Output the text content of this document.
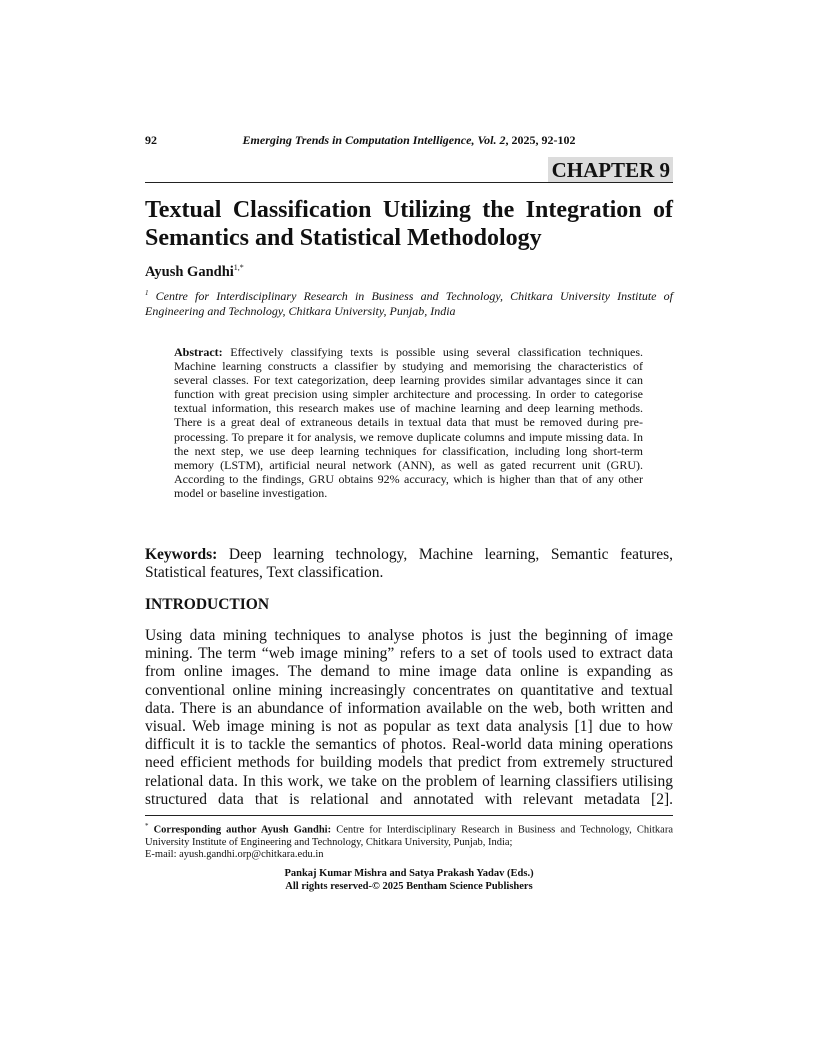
92	Emerging Trends in Computation Intelligence, Vol. 2, 2025, 92-102
CHAPTER 9
Textual Classification Utilizing the Integration of Semantics and Statistical Methodology
Ayush Gandhi$^{1,*}$
$^1$ Centre for Interdisciplinary Research in Business and Technology, Chitkara University Institute of Engineering and Technology, Chitkara University, Punjab, India
Abstract: Effectively classifying texts is possible using several classification techniques. Machine learning constructs a classifier by studying and memorising the characteristics of several classes. For text categorization, deep learning provides similar advantages since it can function with great precision using simpler architecture and processing. In order to categorise textual information, this research makes use of machine learning and deep learning methods. There is a great deal of extraneous details in textual data that must be removed during pre-processing. To prepare it for analysis, we remove duplicate columns and impute missing data. In the next step, we use deep learning techniques for classification, including long short-term memory (LSTM), artificial neural network (ANN), as well as gated recurrent unit (GRU). According to the findings, GRU obtains 92% accuracy, which is higher than that of any other model or baseline investigation.
Keywords: Deep learning technology, Machine learning, Semantic features, Statistical features, Text classification.
INTRODUCTION
Using data mining techniques to analyse photos is just the beginning of image mining. The term “web image mining” refers to a set of tools used to extract data from online images. The demand to mine image data online is expanding as conventional online mining increasingly concentrates on quantitative and textual data. There is an abundance of information available on the web, both written and visual. Web image mining is not as popular as text data analysis [1] due to how difficult it is to tackle the semantics of photos. Real-world data mining operations need efficient methods for building models that predict from extremely structured relational data. In this work, we take on the problem of learning classifiers utilising structured data that is relational and annotated with relevant metadata [2].
* Corresponding author Ayush Gandhi: Centre for Interdisciplinary Research in Business and Technology, Chitkara University Institute of Engineering and Technology, Chitkara University, Punjab, India;
E-mail: ayush.gandhi.orp@chitkara.edu.in
Pankaj Kumar Mishra and Satya Prakash Yadav (Eds.)
All rights reserved-© 2025 Bentham Science Publishers
